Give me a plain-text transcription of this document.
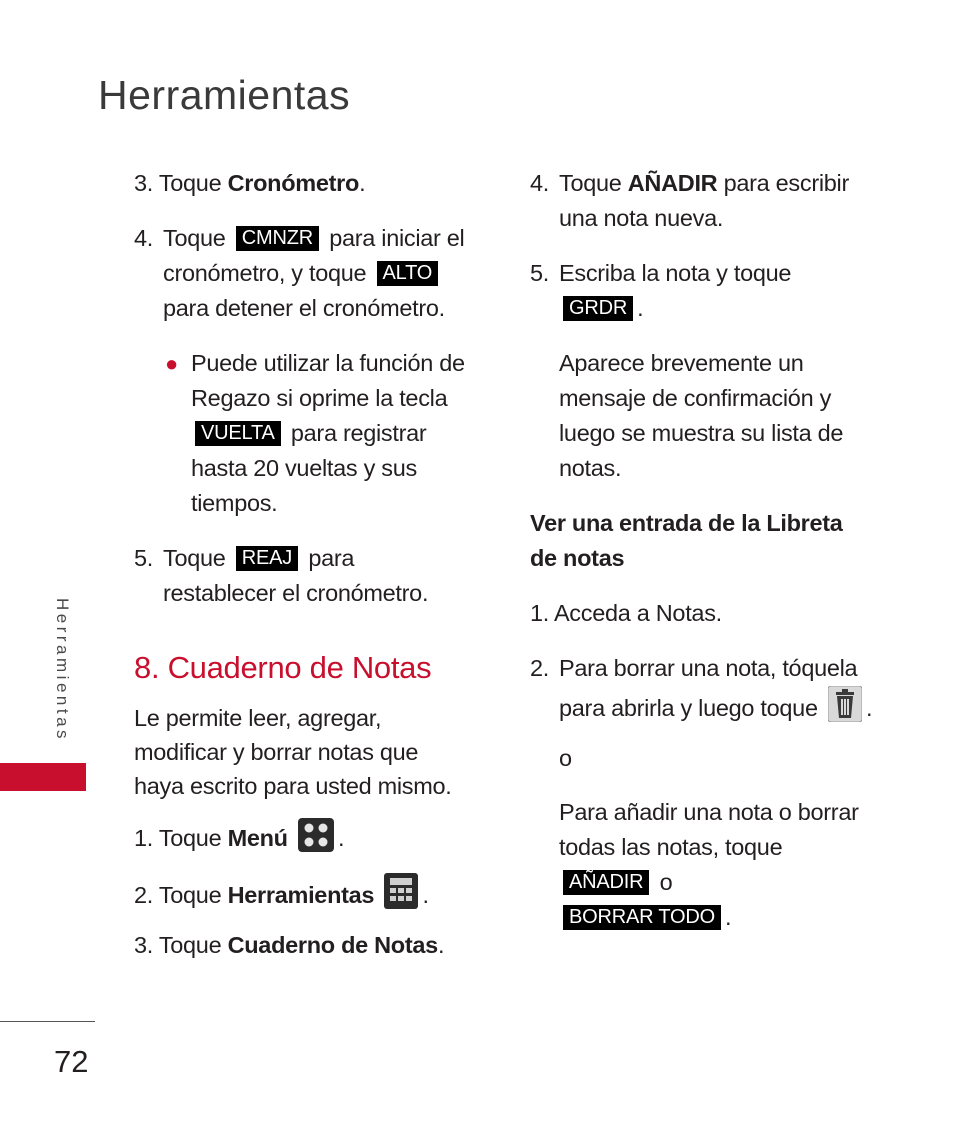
Herramientas
Herramientas
72
3. Toque Cronómetro.
4. Toque CMNZR para iniciar el cronómetro, y toque ALTO para detener el cronómetro.
● Puede utilizar la función de Regazo si oprime la tecla VUELTA para registrar hasta 20 vueltas y sus tiempos.
5. Toque REAJ para restablecer el cronómetro.
8. Cuaderno de Notas
Le permite leer, agregar, modificar y borrar notas que haya escrito para usted mismo.
1. Toque Menú .
2. Toque Herramientas .
3. Toque Cuaderno de Notas.
4. Toque AÑADIR para escribir una nota nueva.
5. Escriba la nota y toque
GRDR .
Aparece brevemente un mensaje de confirmación y luego se muestra su lista de notas.
Ver una entrada de la Libreta de notas
1. Acceda a Notas.
2. Para borrar una nota, tóquela para abrirla y luego toque .
o
Para añadir una nota o borrar todas las notas, toque
AÑADIR o
BORRAR TODO .
